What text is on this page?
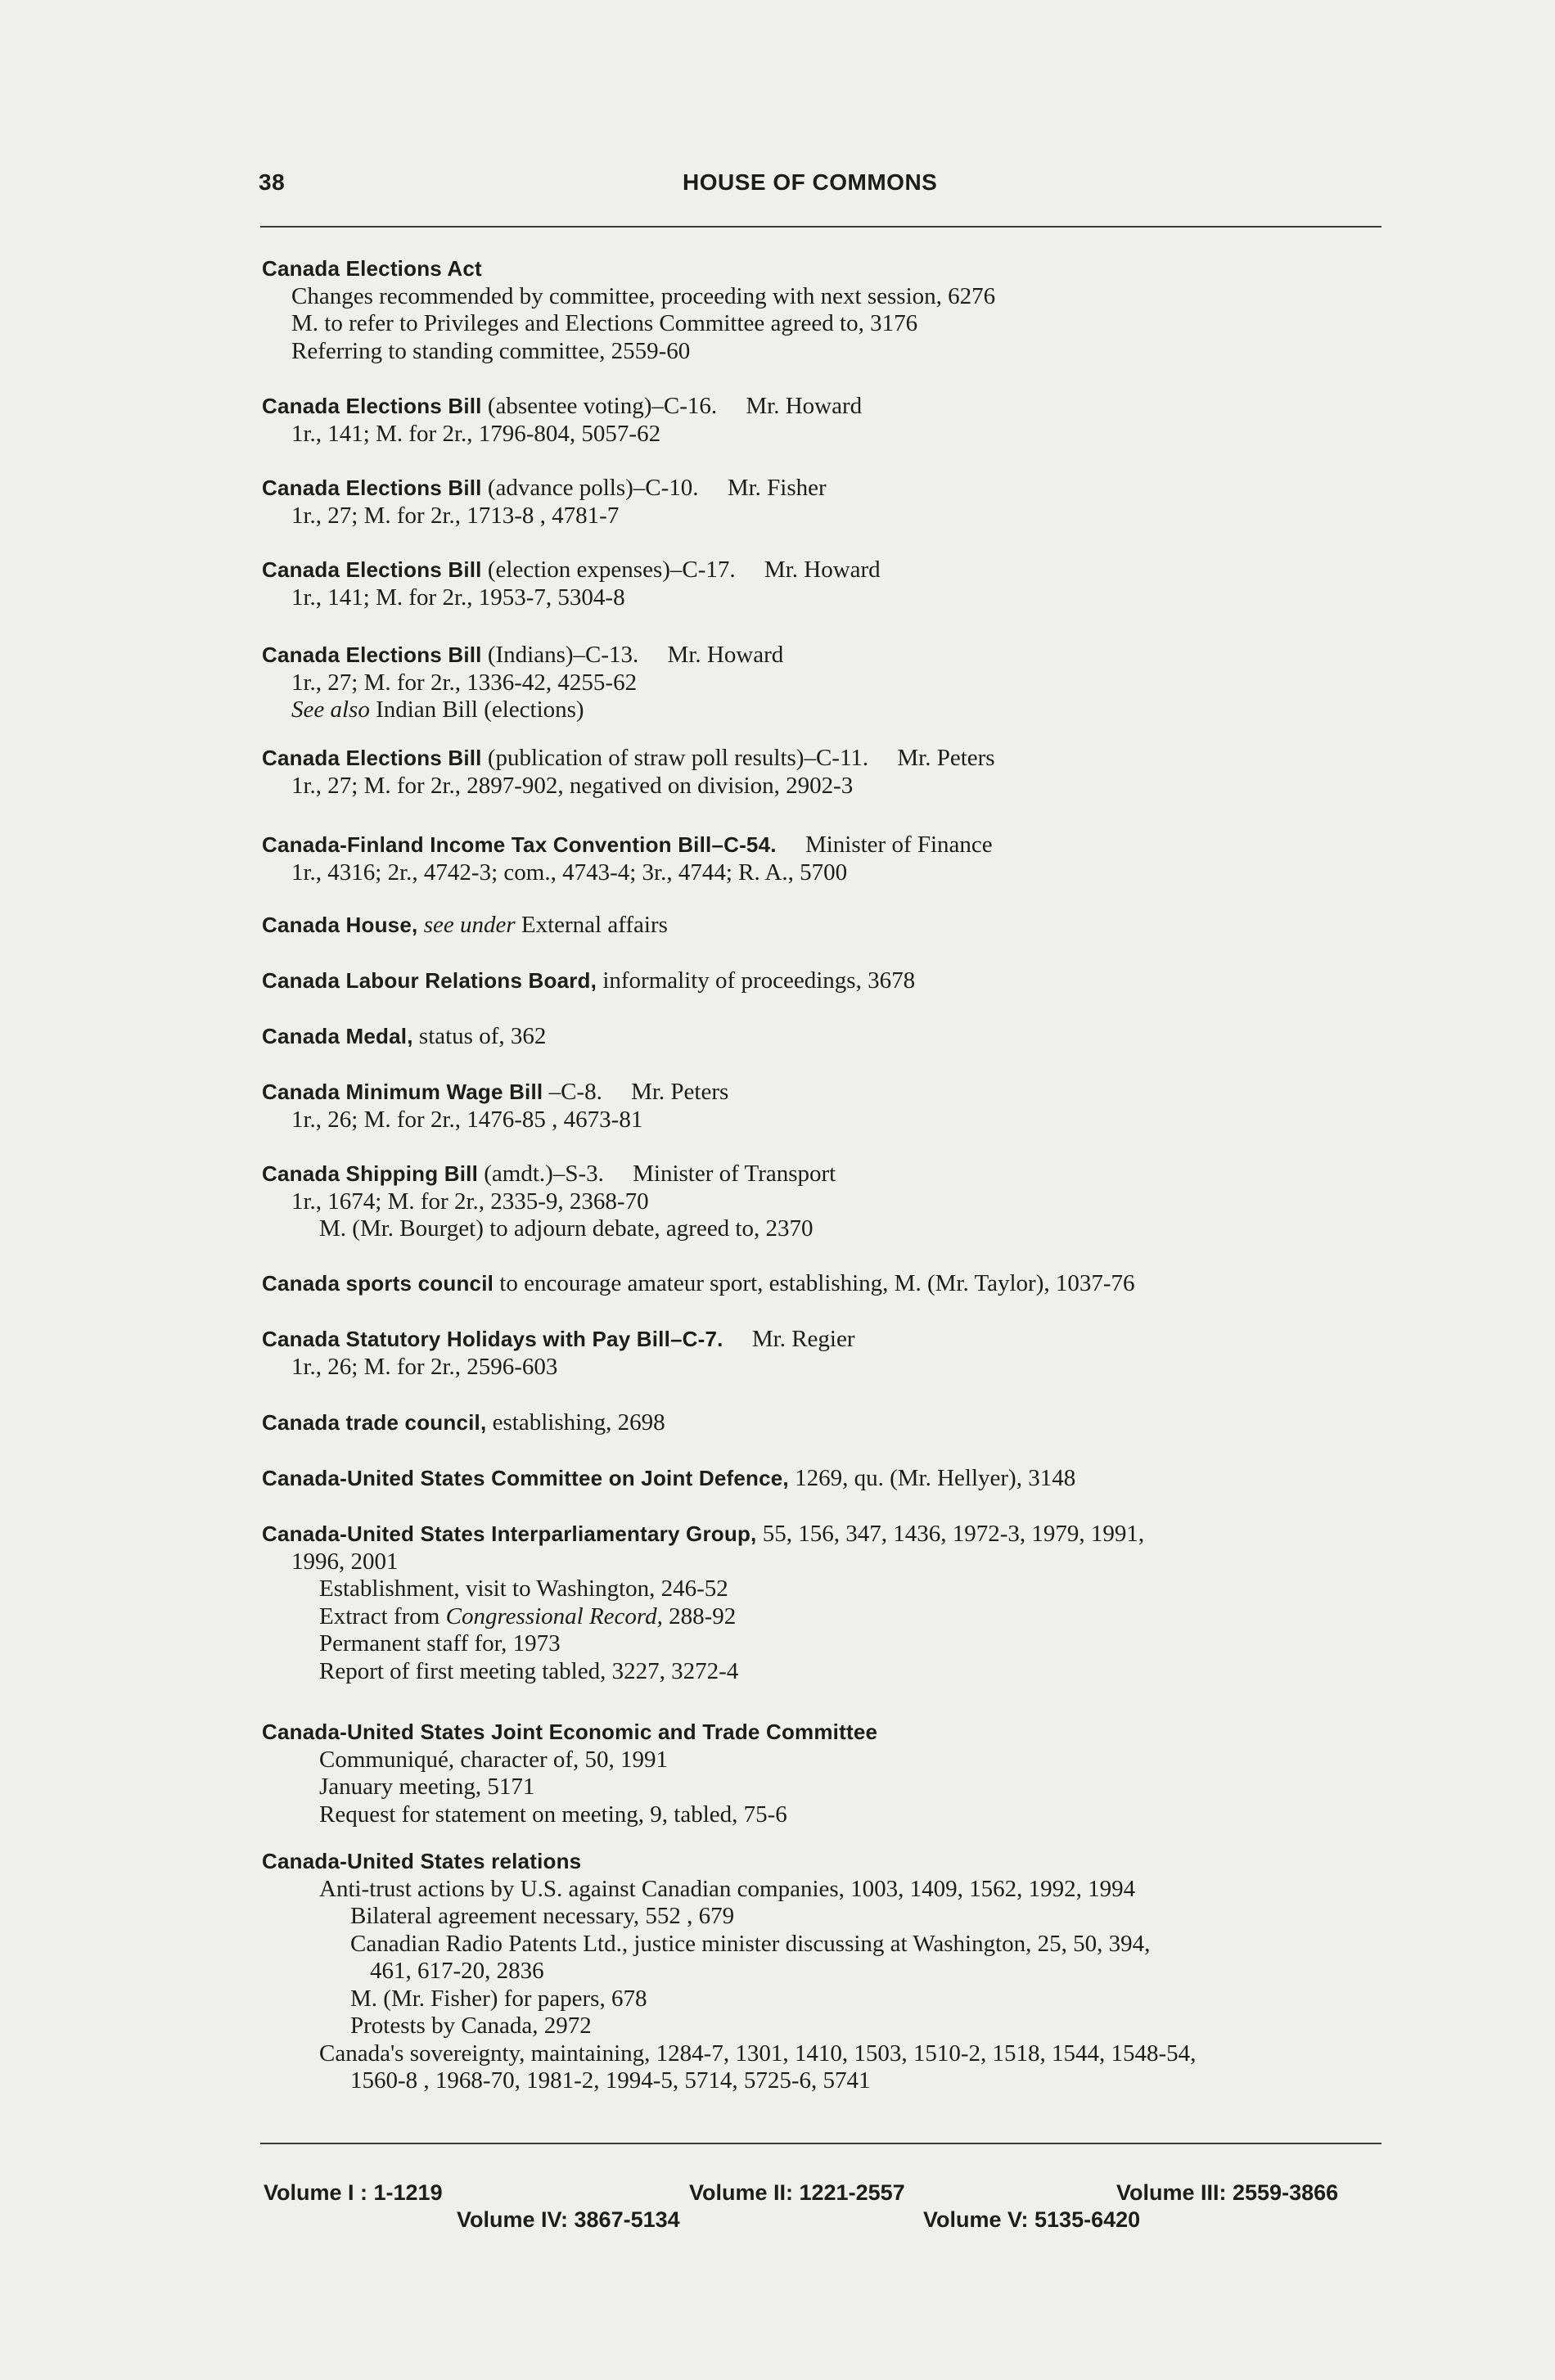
38	HOUSE OF COMMONS
Canada Elections Act
Changes recommended by committee, proceeding with next session, 6276
M. to refer to Privileges and Elections Committee agreed to, 3176
Referring to standing committee, 2559-60
Canada Elections Bill (absentee voting)–C-16. Mr. Howard
1r., 141; M. for 2r., 1796-804, 5057-62
Canada Elections Bill (advance polls)–C-10. Mr. Fisher
1r., 27; M. for 2r., 1713-8 , 4781-7
Canada Elections Bill (election expenses)–C-17. Mr. Howard
1r., 141; M. for 2r., 1953-7, 5304-8
Canada Elections Bill (Indians)–C-13. Mr. Howard
1r., 27; M. for 2r., 1336-42, 4255-62
See also Indian Bill (elections)
Canada Elections Bill (publication of straw poll results)–C-11. Mr. Peters
1r., 27; M. for 2r., 2897-902, negatived on division, 2902-3
Canada-Finland Income Tax Convention Bill–C-54. Minister of Finance
1r., 4316; 2r., 4742-3; com., 4743-4; 3r., 4744; R. A., 5700
Canada House, see under External affairs
Canada Labour Relations Board, informality of proceedings, 3678
Canada Medal, status of, 362
Canada Minimum Wage Bill –C-8. Mr. Peters
1r., 26; M. for 2r., 1476-85 , 4673-81
Canada Shipping Bill (amdt.)–S-3. Minister of Transport
1r., 1674; M. for 2r., 2335-9, 2368-70
M. (Mr. Bourget) to adjourn debate, agreed to, 2370
Canada sports council to encourage amateur sport, establishing, M. (Mr. Taylor), 1037-76
Canada Statutory Holidays with Pay Bill–C-7. Mr. Regier
1r., 26; M. for 2r., 2596-603
Canada trade council, establishing, 2698
Canada-United States Committee on Joint Defence, 1269, qu. (Mr. Hellyer), 3148
Canada-United States Interparliamentary Group, 55, 156, 347, 1436, 1972-3, 1979, 1991,
1996, 2001
Establishment, visit to Washington, 246-52
Extract from Congressional Record, 288-92
Permanent staff for, 1973
Report of first meeting tabled, 3227, 3272-4
Canada-United States Joint Economic and Trade Committee
Communiqué, character of, 50, 1991
January meeting, 5171
Request for statement on meeting, 9, tabled, 75-6
Canada-United States relations
Anti-trust actions by U.S. against Canadian companies, 1003, 1409, 1562, 1992, 1994
Bilateral agreement necessary, 552 , 679
Canadian Radio Patents Ltd., justice minister discussing at Washington, 25, 50, 394,
461, 617-20, 2836
M. (Mr. Fisher) for papers, 678
Protests by Canada, 2972
Canada's sovereignty, maintaining, 1284-7, 1301, 1410, 1503, 1510-2, 1518, 1544, 1548-54,
1560-8 , 1968-70, 1981-2, 1994-5, 5714, 5725-6, 5741
Volume I : 1-1219	Volume II: 1221-2557	Volume III: 2559-3866
Volume IV: 3867-5134	Volume V: 5135-6420
